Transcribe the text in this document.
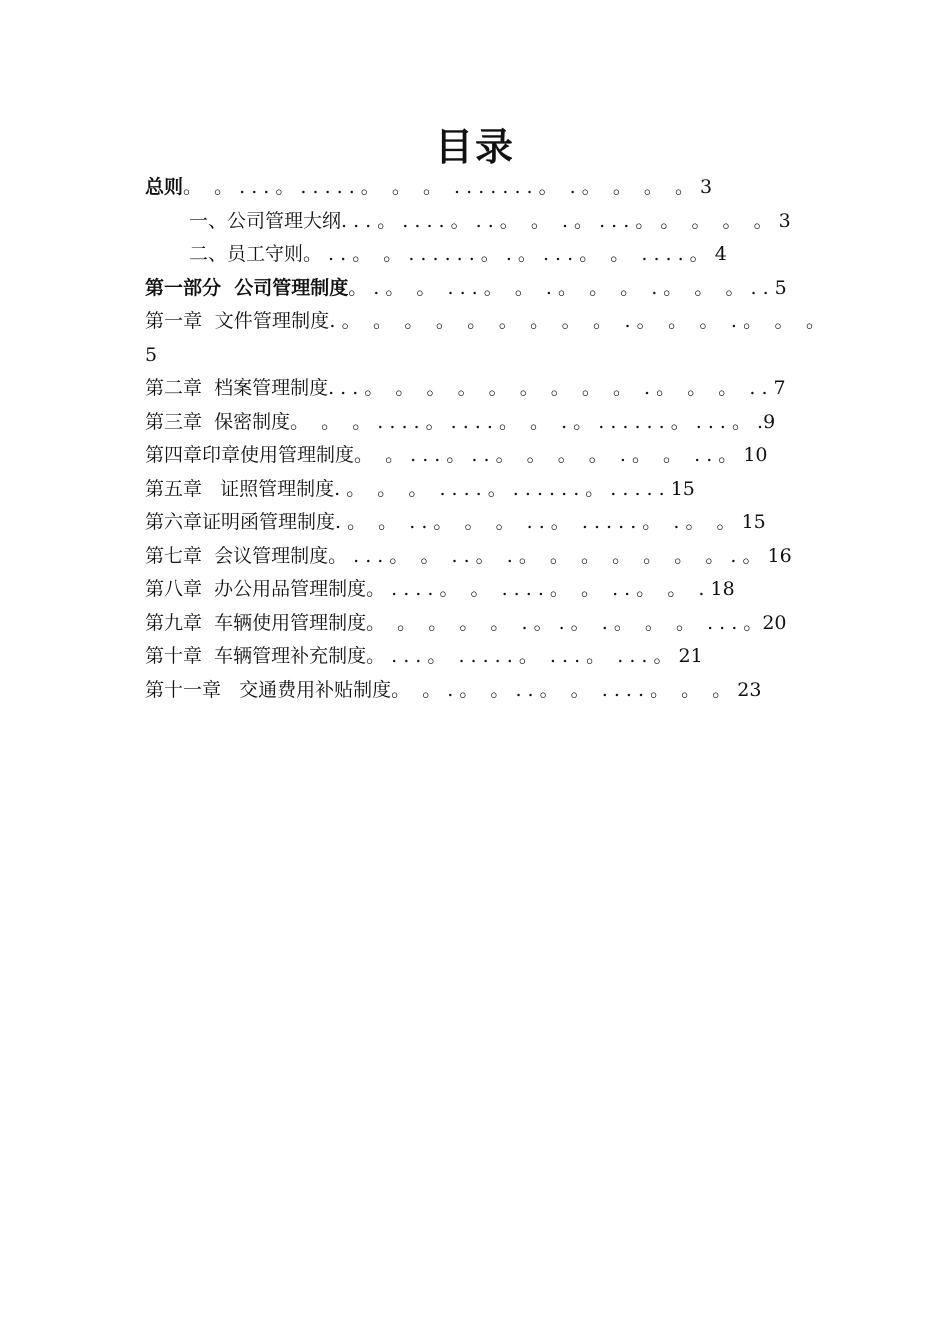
目录
总则。  。 . . . 。 . . . . . 。  。  。  . . . . . . . 。  . 。  。  。  。 3
一、公司管理大纲. . . 。 . . . . 。 . . 。  。  . 。 . . . 。 。  。  。  。 3
二、员工守则。 . . 。  。 . . . . . . 。 . 。 . . . 。  。  . . . . 。 4
第一部分  公司管理制度。 . 。  。  . . . 。  。  . 。  。  。  . 。  。  。 . . 5
第一章  文件管理制度. 。  。  。  。  。  。  。  。  。  . 。  。  。  . 。  。  。5
第二章  档案管理制度. . . 。  。  。  。  。  。  。  。  。  . 。  。  。  . . 7
第三章  保密制度。  。  。 . . . . 。 . . . . 。  。  . 。 . . . . . . 。 . . . 。 .9
第四章印章使用管理制度。  。 . . . 。 . . 。  。  。  。  . 。  。  . . 。 10
第五章   证照管理制度. 。  。  。  . . . . 。 . . . . . . 。 . . . . . 15
第六章证明函管理制度. 。  。  . . 。  。  。  . . 。  . . . . . 。  . 。  。 15
第七章  会议管理制度。 . . . 。  。  . . 。  . 。  。  。  。  。  。  。 . 。 16
第八章  办公用品管理制度。 . . . . 。  。  . . . . 。  。  . . 。  。  . 18
第九章  车辆使用管理制度。  。  。  。  。  . 。 . 。  . 。  。  。  . . . 。20
第十章  车辆管理补充制度。 . . . 。  . . . . . 。  . . . 。  . . . 。 21
第十一章   交通费用补贴制度。  。 . 。  。 . . 。  。  . . . . 。  。  。 23
